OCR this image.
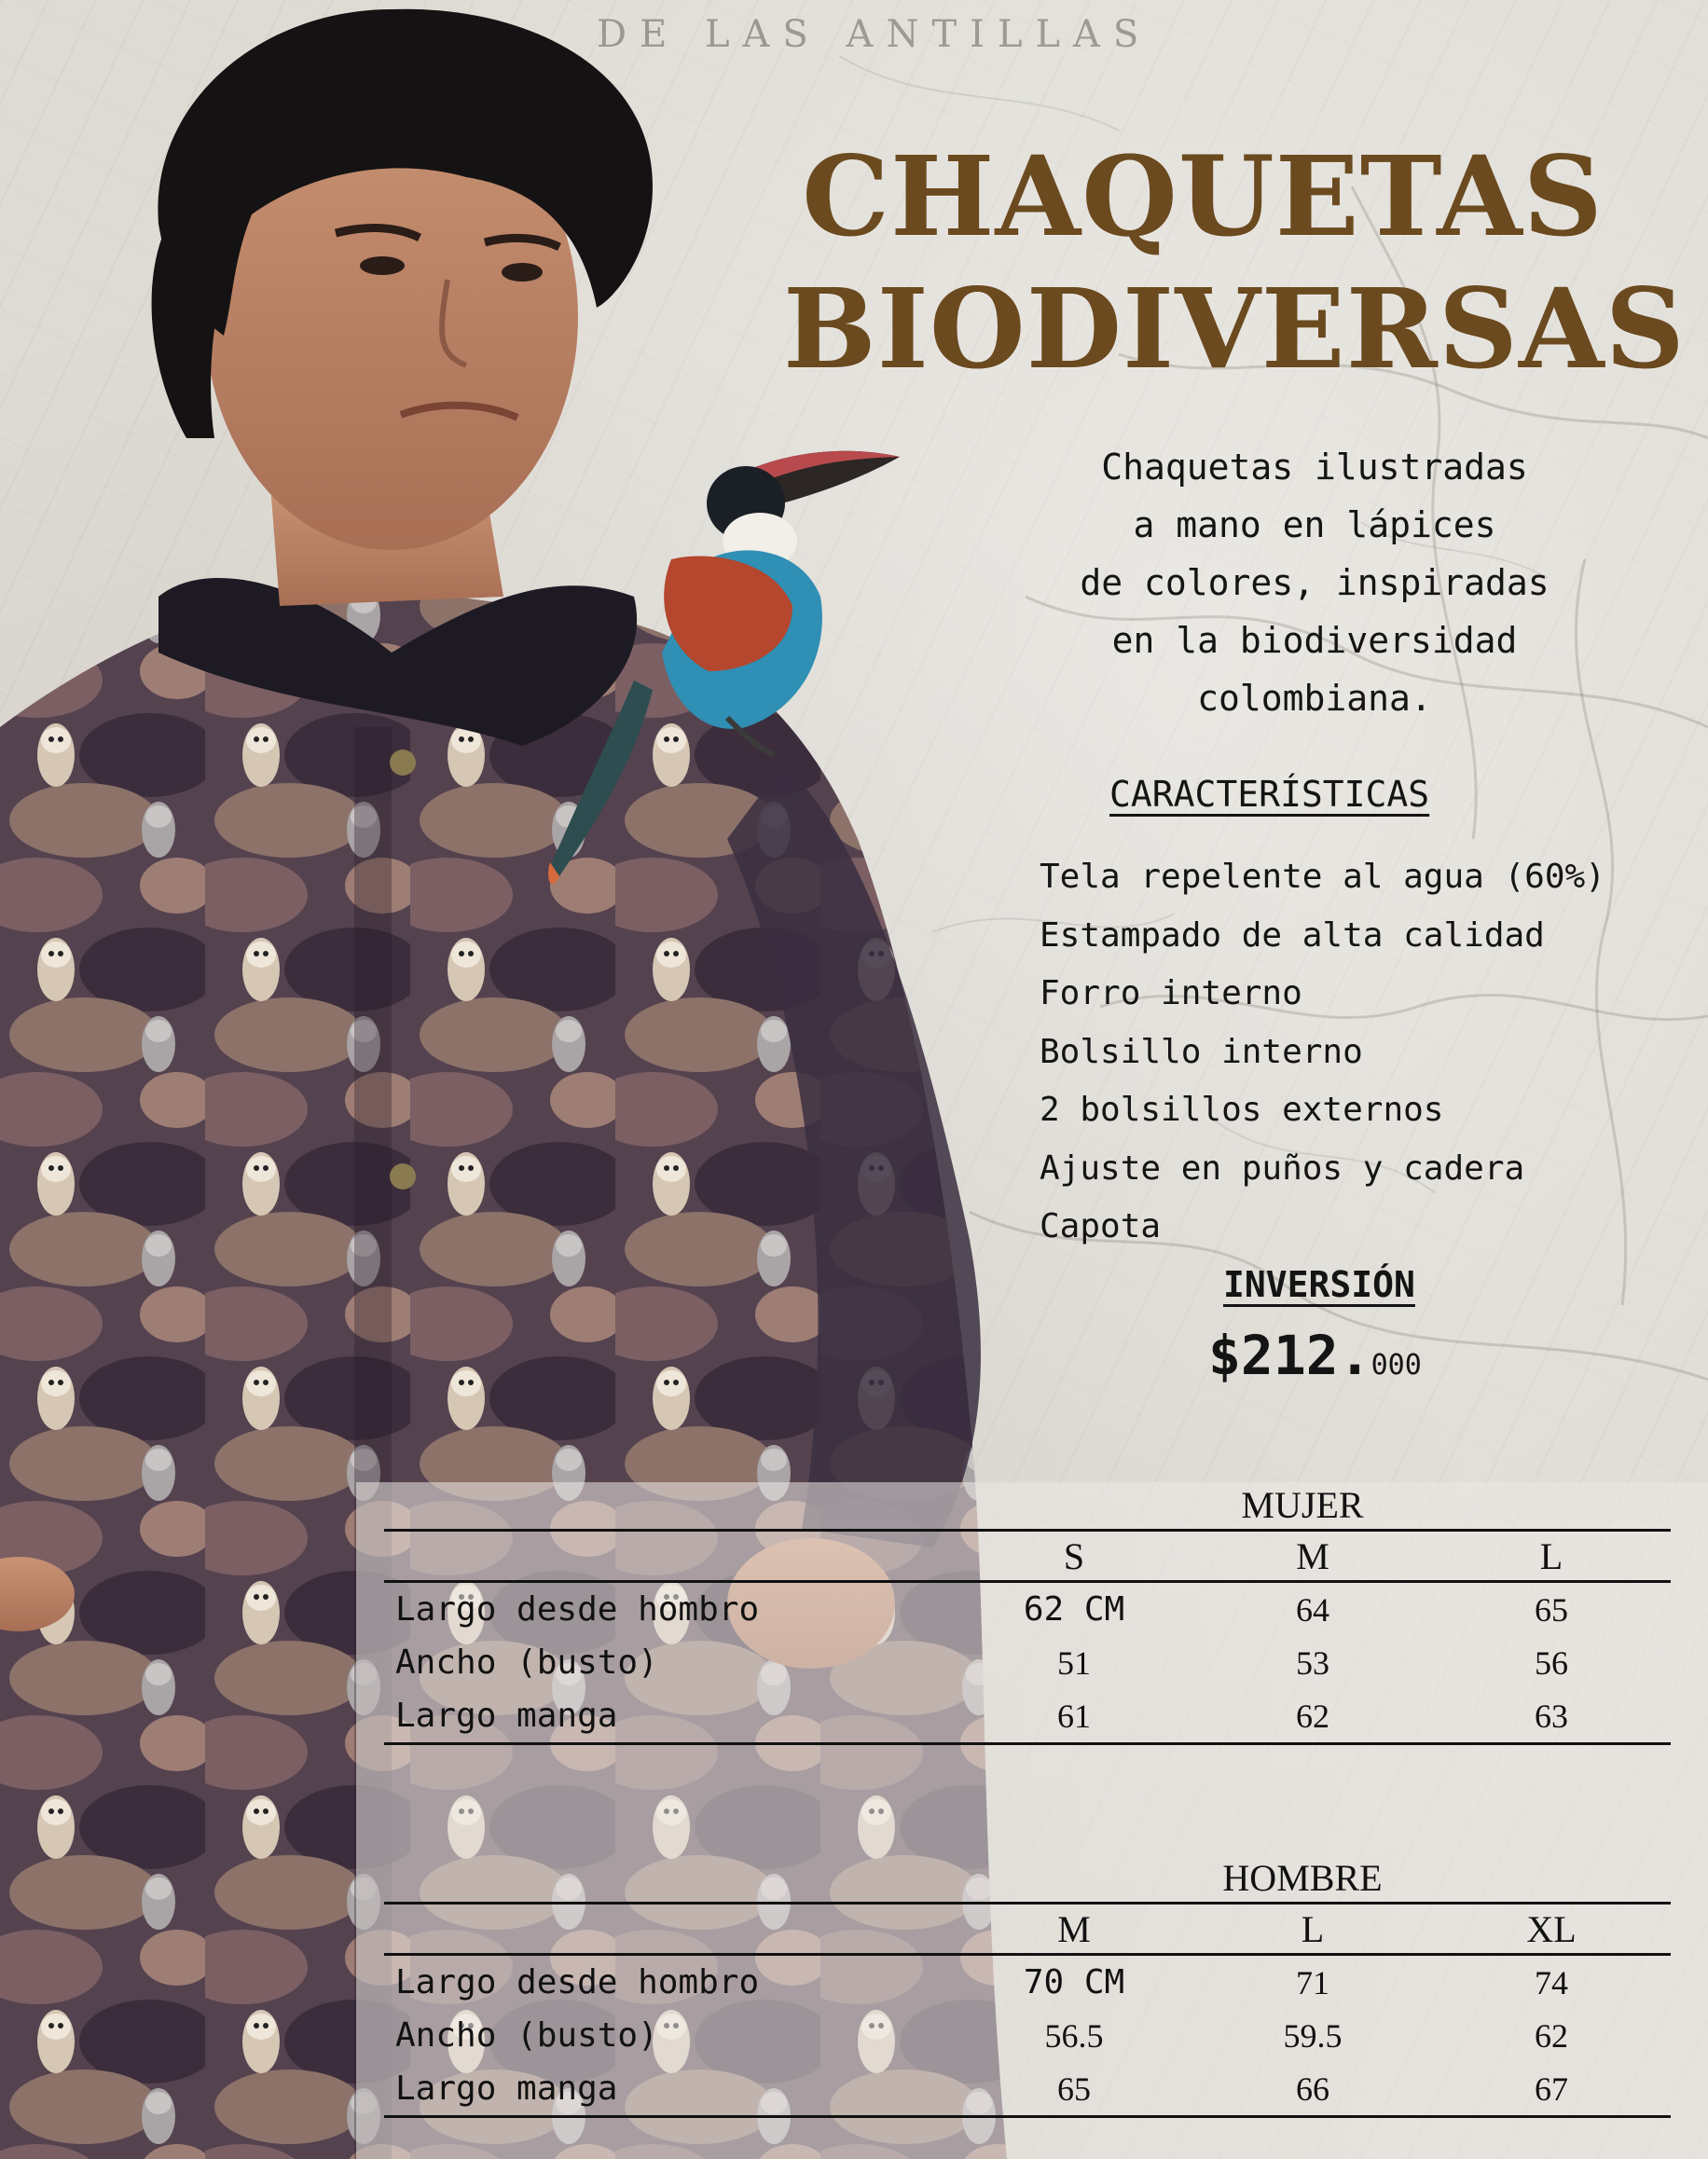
DE LAS ANTILLAS
CHAQUETAS
BIODIVERSAS
Chaquetas ilustradas
a mano en lápices
de colores, inspiradas
en la biodiversidad
colombiana.
CARACTERÍSTICAS
Tela repelente al agua (60%)
Estampado de alta calidad
Forro interno
Bolsillo interno
2 bolsillos externos
Ajuste en puños y cadera
Capota
INVERSIÓN
$212.000
MUJER
	S	M	L
Largo desde hombro	62 CM	64	65
Ancho (busto)	51	53	56
Largo manga	61	62	63
HOMBRE
	M	L	XL
Largo desde hombro	70 CM	71	74
Ancho (busto)	56.5	59.5	62
Largo manga	65	66	67
